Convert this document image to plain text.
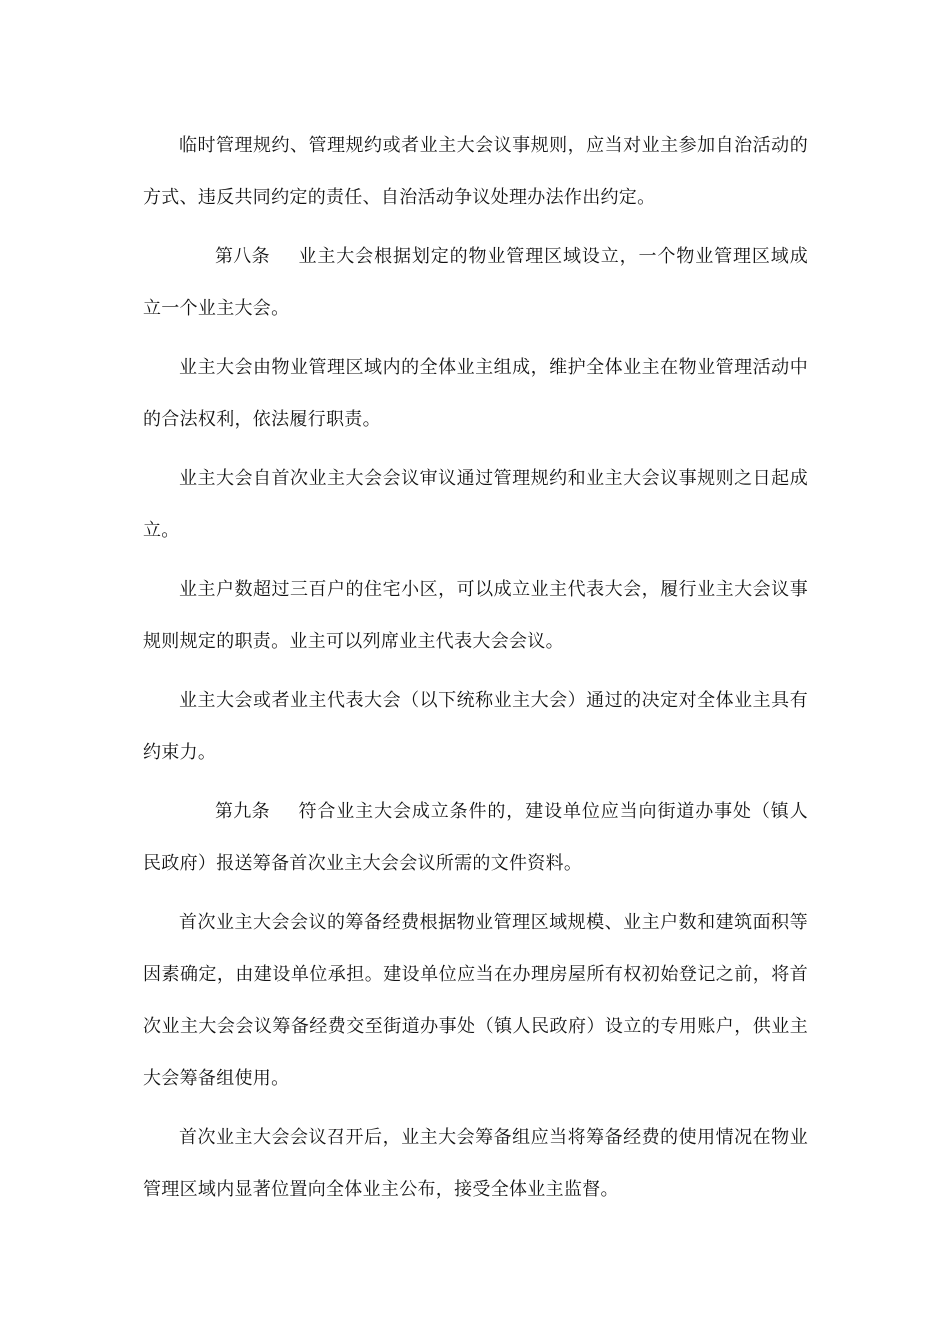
临时管理规约、管理规约或者业主大会议事规则，应当对业主参加自治活动的方式、违反共同约定的责任、自治活动争议处理办法作出约定。

第八条 业主大会根据划定的物业管理区域设立，一个物业管理区域成立一个业主大会。

业主大会由物业管理区域内的全体业主组成，维护全体业主在物业管理活动中的合法权利，依法履行职责。

业主大会自首次业主大会会议审议通过管理规约和业主大会议事规则之日起成立。

业主户数超过三百户的住宅小区，可以成立业主代表大会，履行业主大会议事规则规定的职责。业主可以列席业主代表大会会议。

业主大会或者业主代表大会（以下统称业主大会）通过的决定对全体业主具有约束力。

第九条 符合业主大会成立条件的，建设单位应当向街道办事处（镇人民政府）报送筹备首次业主大会会议所需的文件资料。

首次业主大会会议的筹备经费根据物业管理区域规模、业主户数和建筑面积等因素确定，由建设单位承担。建设单位应当在办理房屋所有权初始登记之前，将首次业主大会会议筹备经费交至街道办事处（镇人民政府）设立的专用账户，供业主大会筹备组使用。

首次业主大会会议召开后，业主大会筹备组应当将筹备经费的使用情况在物业管理区域内显著位置向全体业主公布，接受全体业主监督。
